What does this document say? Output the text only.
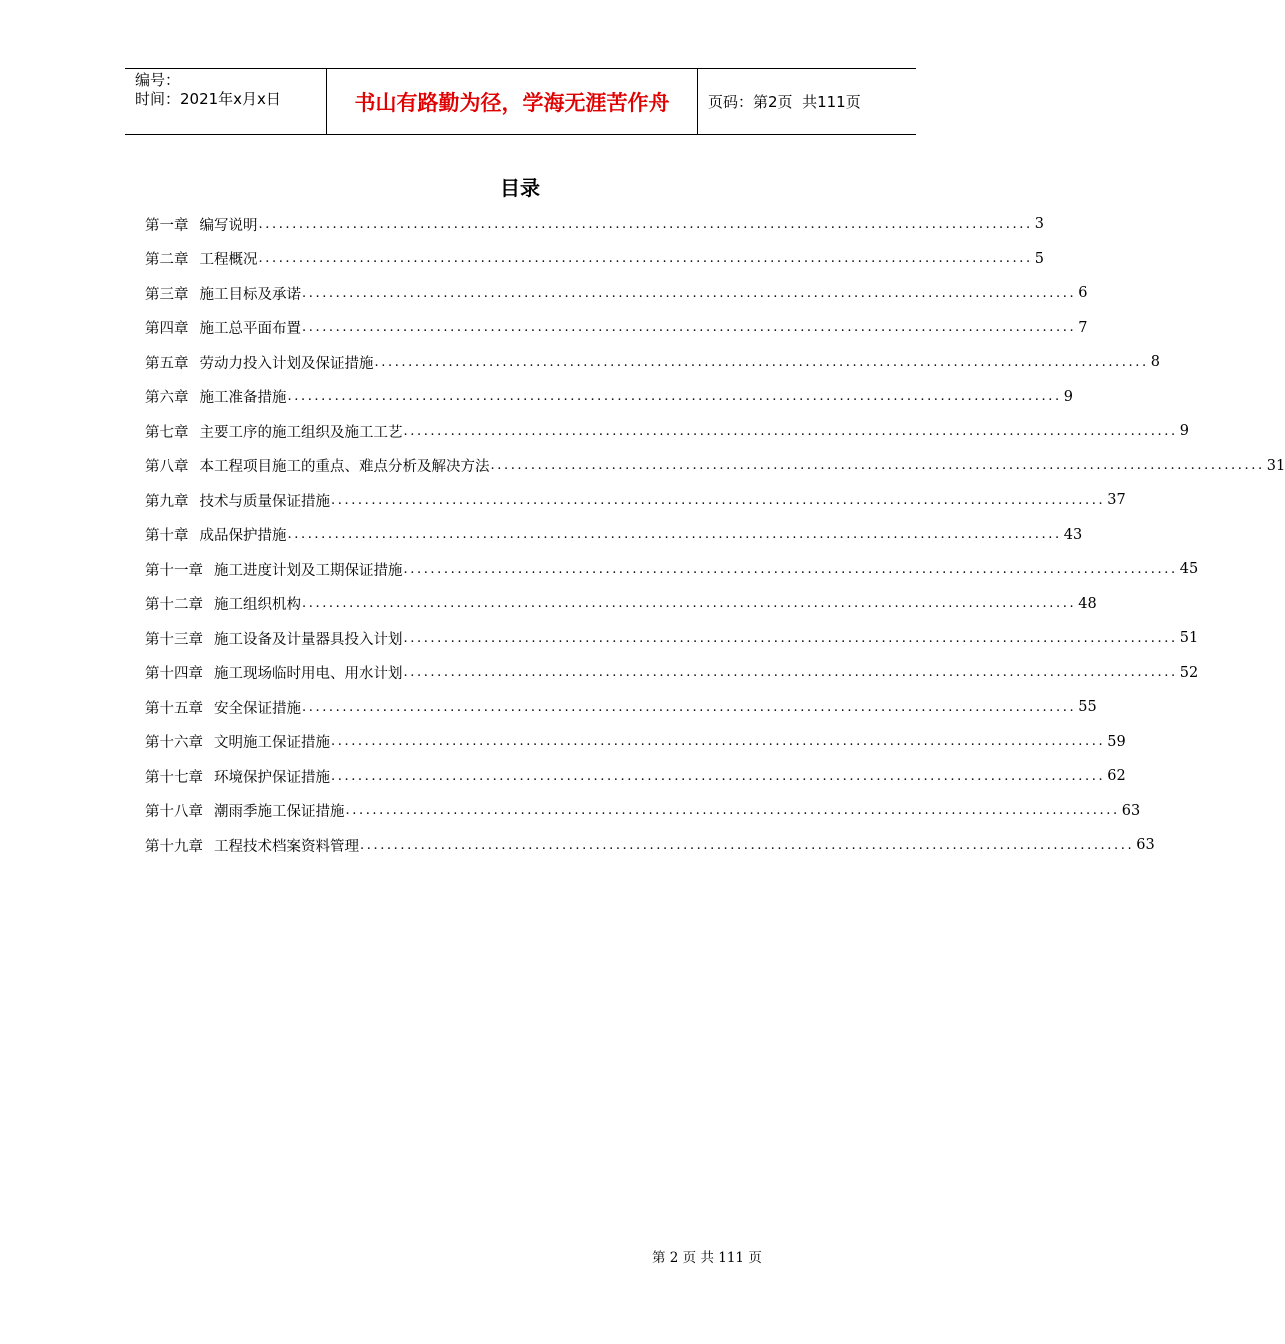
编号：
时间：2021年x月x日	书山有路勤为径，学海无涯苦作舟	页码：第2页  共111页
目录
第一章 编写说明 ................................................................................................................... 3
第二章 工程概况 ................................................................................................................... 5
第三章 施工目标及承诺 ................................................................................................................... 6
第四章 施工总平面布置 ................................................................................................................... 7
第五章 劳动力投入计划及保证措施 ................................................................................................................... 8
第六章 施工准备措施 ................................................................................................................... 9
第七章 主要工序的施工组织及施工工艺 ................................................................................................................... 9
第八章 本工程项目施工的重点、难点分析及解决方法 ................................................................................................................... 31
第九章 技术与质量保证措施 ................................................................................................................... 37
第十章 成品保护措施 ................................................................................................................... 43
第十一章 施工进度计划及工期保证措施 ................................................................................................................... 45
第十二章 施工组织机构 ................................................................................................................... 48
第十三章 施工设备及计量器具投入计划 ................................................................................................................... 51
第十四章 施工现场临时用电、用水计划 ................................................................................................................... 52
第十五章 安全保证措施 ................................................................................................................... 55
第十六章 文明施工保证措施 ................................................................................................................... 59
第十七章 环境保护保证措施 ................................................................................................................... 62
第十八章 潮雨季施工保证措施 ................................................................................................................... 63
第十九章 工程技术档案资料管理 ................................................................................................................... 63
第 2 页 共 111 页
